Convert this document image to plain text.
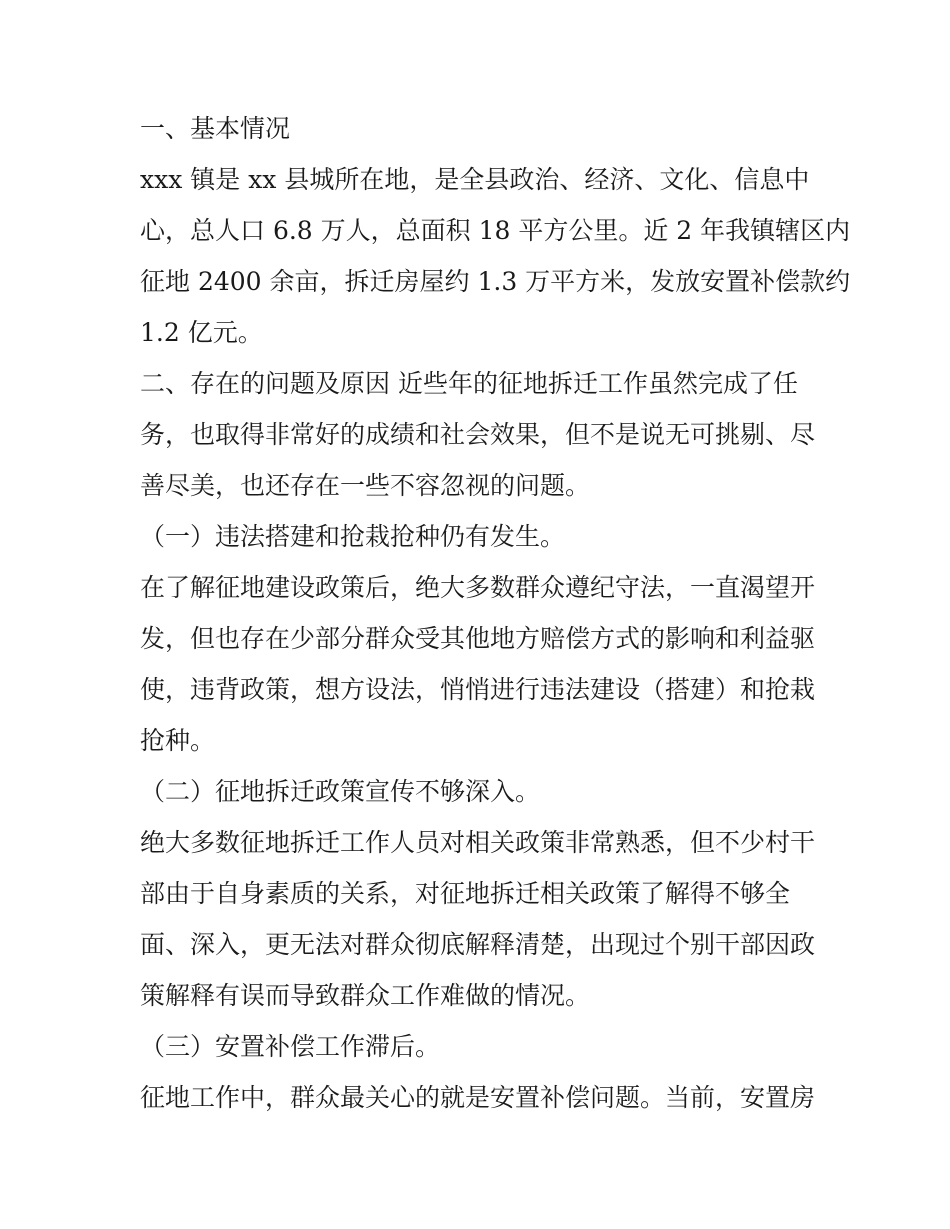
一、基本情况

xxx 镇是 xx 县城所在地，是全县政治、经济、文化、信息中

心，总人口 6.8 万人，总面积 18 平方公里。近 2 年我镇辖区内

征地 2400 余亩，拆迁房屋约 1.3 万平方米，发放安置补偿款约

1.2 亿元。

二、存在的问题及原因 近些年的征地拆迁工作虽然完成了任

务，也取得非常好的成绩和社会效果，但不是说无可挑剔、尽

善尽美，也还存在一些不容忽视的问题。

（一）违法搭建和抢栽抢种仍有发生。

在了解征地建设政策后，绝大多数群众遵纪守法，一直渴望开

发，但也存在少部分群众受其他地方赔偿方式的影响和利益驱

使，违背政策，想方设法，悄悄进行违法建设（搭建）和抢栽

抢种。

（二）征地拆迁政策宣传不够深入。

绝大多数征地拆迁工作人员对相关政策非常熟悉，但不少村干

部由于自身素质的关系，对征地拆迁相关政策了解得不够全

面、深入，更无法对群众彻底解释清楚，出现过个别干部因政

策解释有误而导致群众工作难做的情况。

（三）安置补偿工作滞后。

征地工作中，群众最关心的就是安置补偿问题。当前，安置房
